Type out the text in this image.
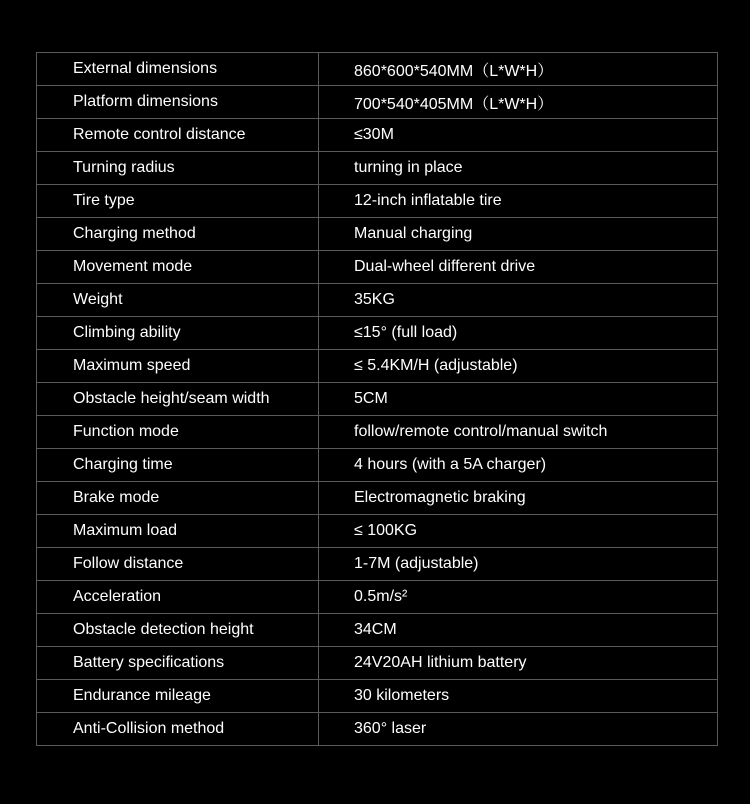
External dimensions	860*600*540MM（L*W*H）
Platform dimensions	700*540*405MM（L*W*H）
Remote control distance	≤30M
Turning radius	turning in place
Tire type	12-inch inflatable tire
Charging method	Manual charging
Movement mode	Dual-wheel different drive
Weight	35KG
Climbing ability	≤15° (full load)
Maximum speed	≤ 5.4KM/H (adjustable)
Obstacle height/seam width	5CM
Function mode	follow/remote control/manual switch
Charging time	4 hours (with a 5A charger)
Brake mode	Electromagnetic braking
Maximum load	≤ 100KG
Follow distance	1-7M (adjustable)
Acceleration	0.5m/s²
Obstacle detection height	34CM
Battery specifications	24V20AH lithium battery
Endurance mileage	30 kilometers
Anti-Collision method	360° laser
